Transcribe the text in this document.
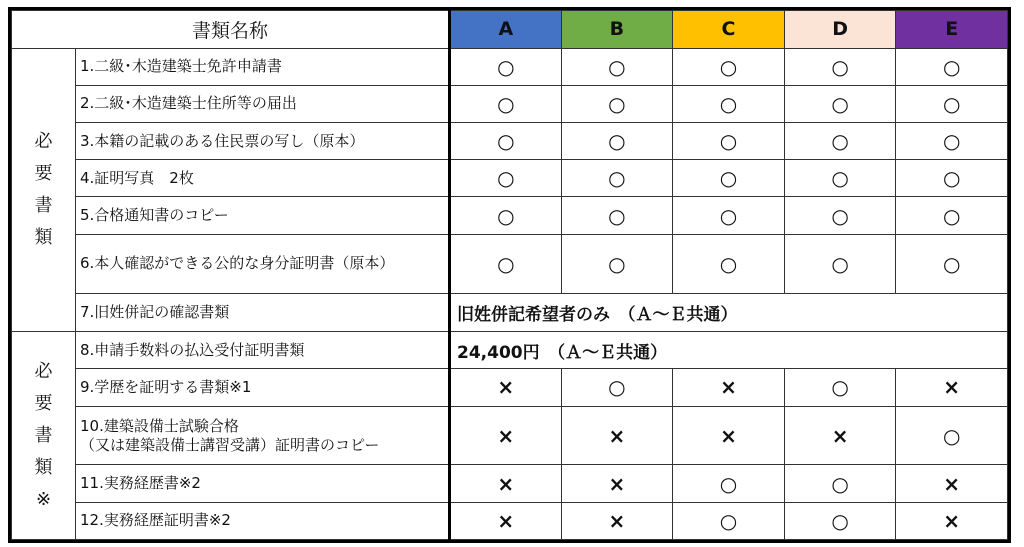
書類名称		A	B	C	D	E

必
要
書
類	1.二級･木造建築士免許申請書	○	○	○	○	○
	2.二級･木造建築士住所等の届出	○	○	○	○	○
	3.本籍の記載のある住民票の写し（原本）	○	○	○	○	○
	4.証明写真　2枚	○	○	○	○	○
	5.合格通知書のコピー	○	○	○	○	○
	6.本人確認ができる公的な身分証明書（原本）	○	○	○	○	○
	7.旧姓併記の確認書類	旧姓併記希望者のみ　（Ａ～Ｅ共通）				

必
要
書
類
※	8.申請手数料の払込受付証明書類	24,400円　（Ａ～Ｅ共通）				
	9.学歴を証明する書類※1	×	○	×	○	×

	10.建築設備士試験合格
（又は建築設備士講習受講）証明書のコピー	×	×	×	×	○
	11.実務経歴書※2	×	×	○	○	×
	12.実務経歴証明書※2	×	×	○	○	×
